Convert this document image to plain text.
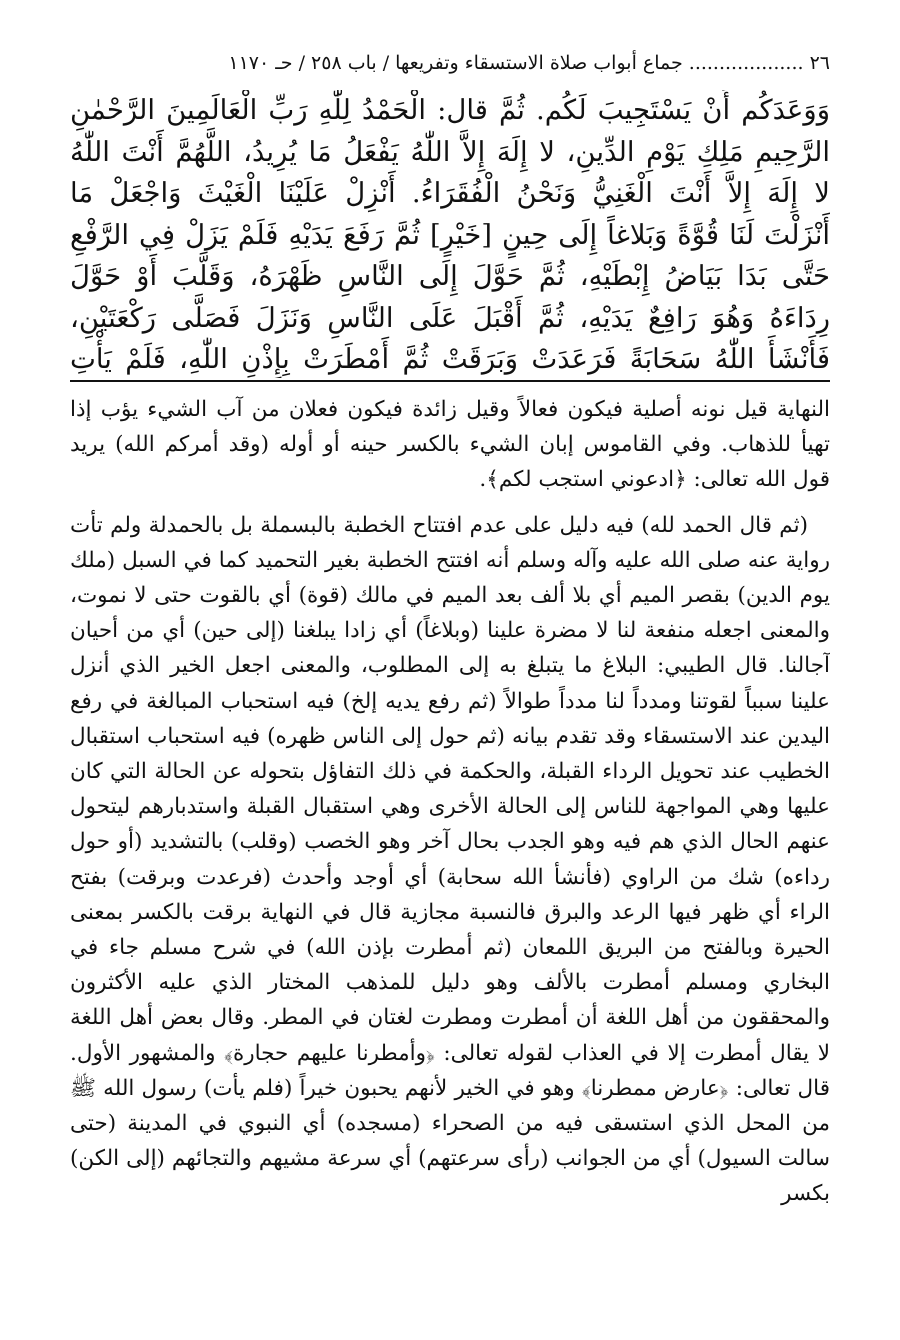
٢٦ ................... جماع أبواب صلاة الاستسقاء وتفريعها / باب ٢٥٨ / حـ ١١٧٠
وَوَعَدَكُم أَنْ يَسْتَجِيبَ لَكُم. ثُمَّ قال: الْحَمْدُ لِلّٰهِ رَبِّ الْعَالَمِينَ الرَّحْمٰنِ الرَّحِيمِ مَلِكِ يَوْمِ الدِّينِ، لا إِلَهَ إِلاَّ اللّٰهُ يَفْعَلُ مَا يُرِيدُ، اللَّهُمَّ أَنْتَ اللّٰهُ لا إِلَهَ إِلاَّ أَنْتَ الْغَنِيُّ وَنَحْنُ الْفُقَرَاءُ. أَنْزِلْ عَلَيْنَا الْغَيْثَ وَاجْعَلْ مَا أَنْزَلْتَ لَنَا قُوَّةً وَبَلاغاً إِلَى حِينٍ [خَيْرٍ] ثُمَّ رَفَعَ يَدَيْهِ فَلَمْ يَزَلْ فِي الرَّفْعِ حَتَّى بَدَا بَيَاضُ إِبْطَيْهِ، ثُمَّ حَوَّلَ إِلَى النَّاسِ ظَهْرَهُ، وَقَلَّبَ أَوْ حَوَّلَ رِدَاءَهُ وَهُوَ رَافِعٌ يَدَيْهِ، ثُمَّ أَقْبَلَ عَلَى النَّاسِ وَنَزَلَ فَصَلَّى رَكْعَتَيْنِ، فَأَنْشَأَ اللّٰهُ سَحَابَةً فَرَعَدَتْ وَبَرَقَتْ ثُمَّ أَمْطَرَتْ بِإِذْنِ اللّٰهِ، فَلَمْ يَأْتِ

النهاية قيل نونه أصلية فيكون فعالاً وقيل زائدة فيكون فعلان من آب الشيء يؤب إذا تهيأ للذهاب. وفي القاموس إبان الشيء بالكسر حينه أو أوله (وقد أمركم الله) يريد قول الله تعالى: ﴿ادعوني استجب لكم﴾.

(ثم قال الحمد لله) فيه دليل على عدم افتتاح الخطبة بالبسملة بل بالحمدلة ولم تأت رواية عنه صلى الله عليه وآله وسلم أنه افتتح الخطبة بغير التحميد كما في السبل (ملك يوم الدين) بقصر الميم أي بلا ألف بعد الميم في مالك (قوة) أي بالقوت حتى لا نموت، والمعنى اجعله منفعة لنا لا مضرة علينا (وبلاغاً) أي زادا يبلغنا (إلى حين) أي من أحيان آجالنا. قال الطيبي: البلاغ ما يتبلغ به إلى المطلوب، والمعنى اجعل الخير الذي أنزل علينا سبباً لقوتنا ومدداً لنا مدداً طوالاً (ثم رفع يديه إلخ) فيه استحباب المبالغة في رفع اليدين عند الاستسقاء وقد تقدم بيانه (ثم حول إلى الناس ظهره) فيه استحباب استقبال الخطيب عند تحويل الرداء القبلة، والحكمة في ذلك التفاؤل بتحوله عن الحالة التي كان عليها وهي المواجهة للناس إلى الحالة الأخرى وهي استقبال القبلة واستدبارهم ليتحول عنهم الحال الذي هم فيه وهو الجدب بحال آخر وهو الخصب (وقلب) بالتشديد (أو حول رداءه) شك من الراوي (فأنشأ الله سحابة) أي أوجد وأحدث (فرعدت وبرقت) بفتح الراء أي ظهر فيها الرعد والبرق فالنسبة مجازية قال في النهاية برقت بالكسر بمعنى الحيرة وبالفتح من البريق اللمعان (ثم أمطرت بإذن الله) في شرح مسلم جاء في البخاري ومسلم أمطرت بالألف وهو دليل للمذهب المختار الذي عليه الأكثرون والمحققون من أهل اللغة أن أمطرت ومطرت لغتان في المطر. وقال بعض أهل اللغة لا يقال أمطرت إلا في العذاب لقوله تعالى: ﴿وأمطرنا عليهم حجارة﴾ والمشهور الأول. قال تعالى: ﴿عارض ممطرنا﴾ وهو في الخير لأنهم يحبون خيراً (فلم يأت) رسول الله ﷺ من المحل الذي استسقى فيه من الصحراء (مسجده) أي النبوي في المدينة (حتى سالت السيول) أي من الجوانب (رأى سرعتهم) أي سرعة مشيهم والتجائهم (إلى الكن) بكسر
